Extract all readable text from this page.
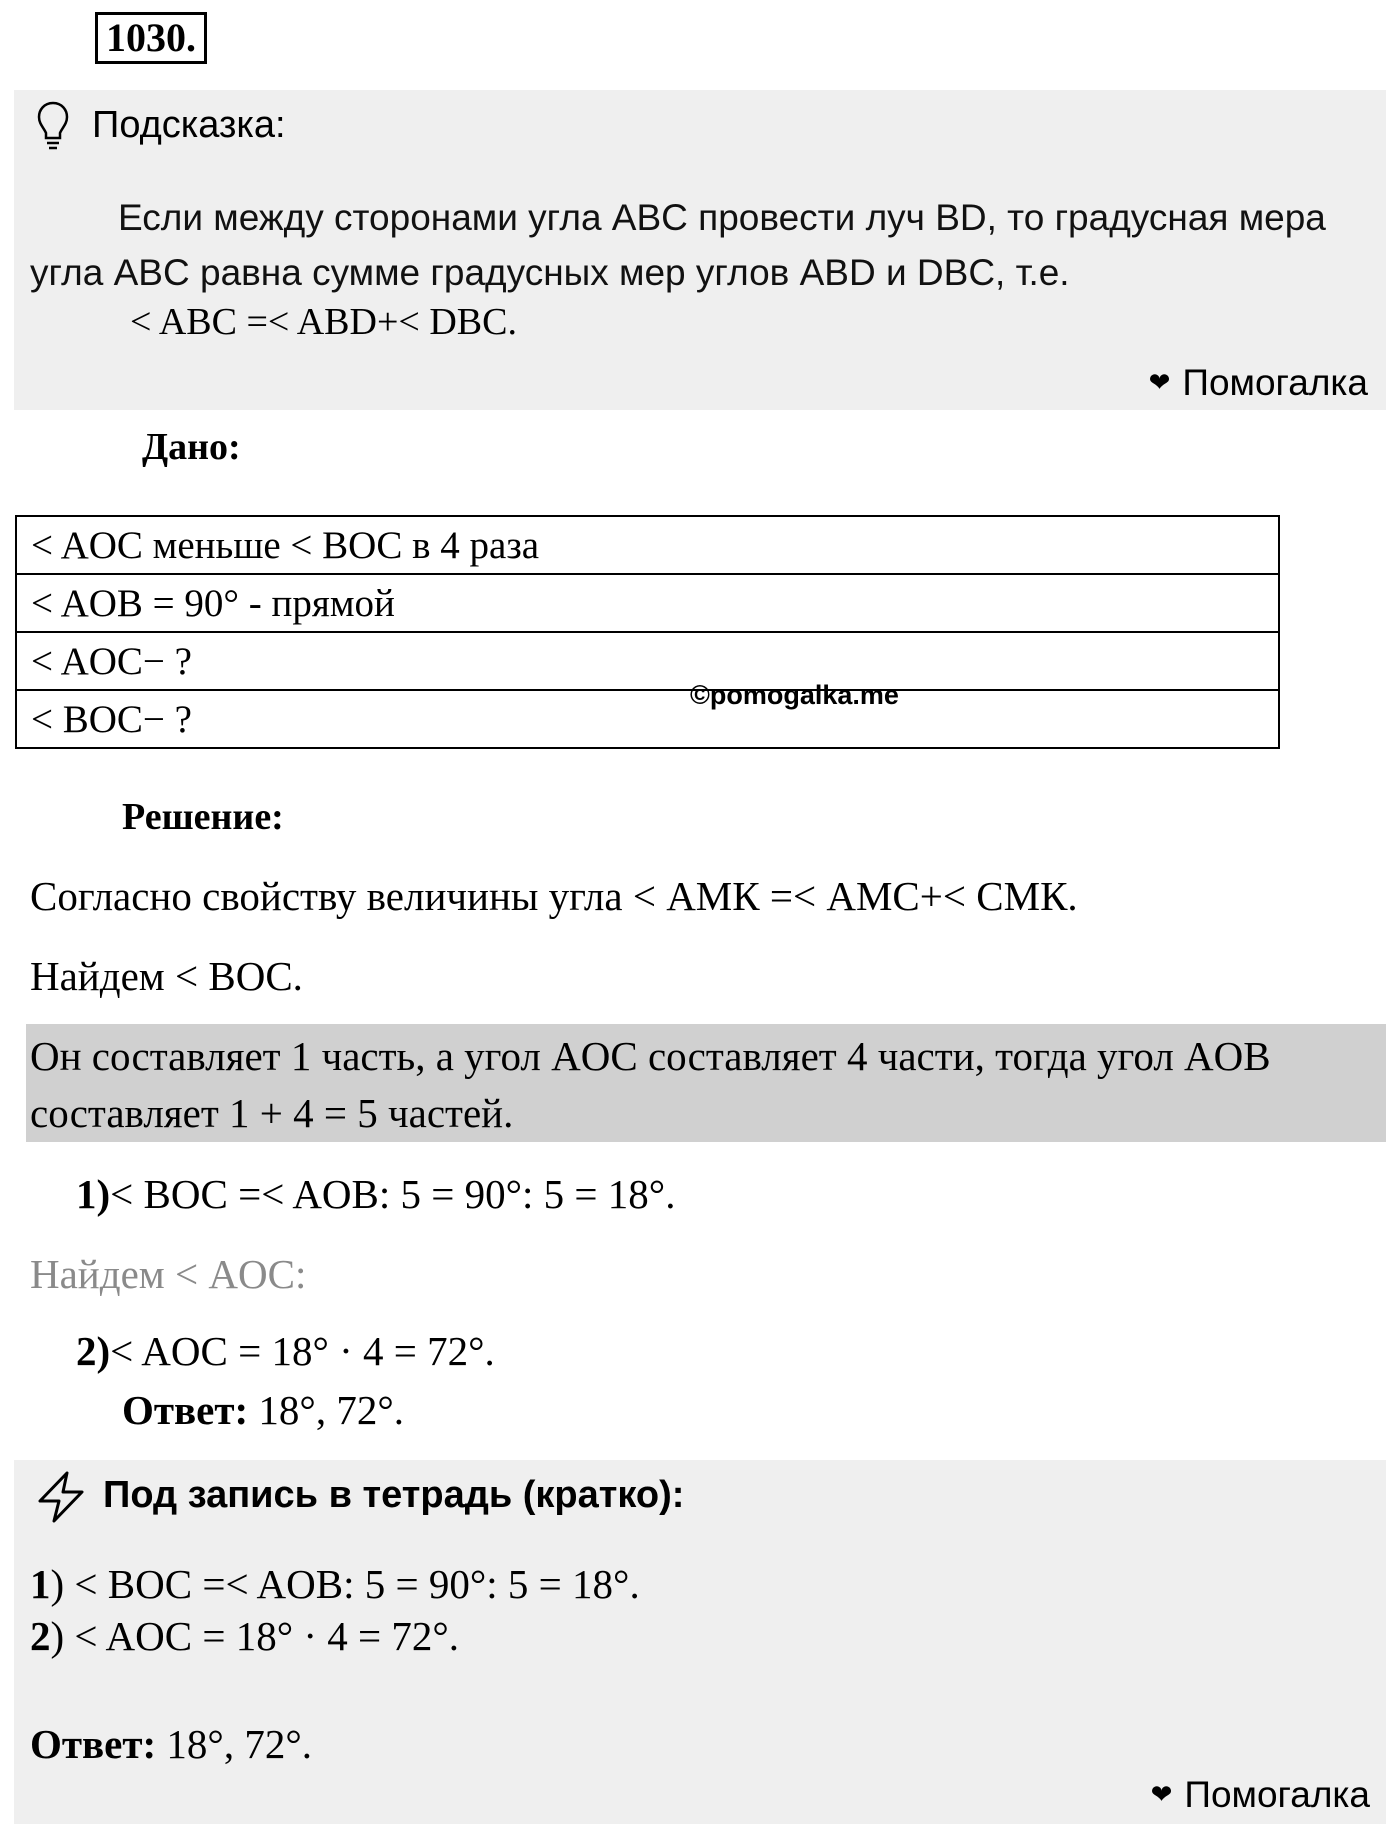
1030.
Подсказка:
Если между сторонами угла ABC провести луч BD, то градусная мера угла ABC равна сумме градусных мер углов ABD и DBC, т.е.
< ABC =< ABD+< DBC.
❤ Помогалка
Дано:
< AOC меньше < BOC в 4 раза
< AOB = 90° - прямой
< AOC− ?
< BOC− ?
©pomogalka.me
Решение:
Согласно свойству величины угла < АМК =< АМС+< СМК.
Найдем < BOC.
Он составляет 1 часть, а угол AOC составляет 4 части, тогда угол AOB составляет 1 + 4 = 5 частей.
1)< BOC =< AOB: 5 = 90°: 5 = 18°.
Найдем < AOC:
2)< AOC = 18° · 4 = 72°.
Ответ: 18°, 72°.
Под запись в тетрадь (кратко):
1) < BOC =< AOB: 5 = 90°: 5 = 18°.
2) < AOC = 18° · 4 = 72°.
Ответ: 18°, 72°.
❤ Помогалка
